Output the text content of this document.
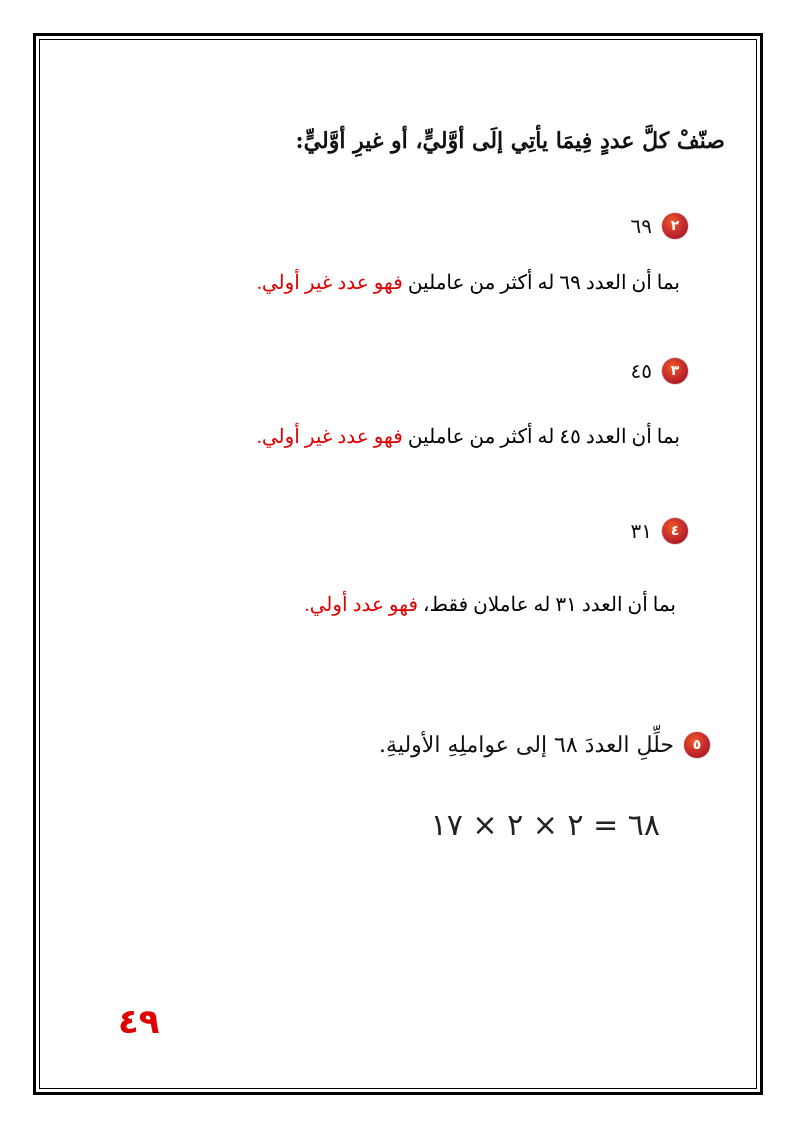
صنّفْ كلَّ عددٍ فِيمَا يأتِي إلَى أوَّليٍّ، أو غيرِ أوَّليٍّ:
٢
٦٩
بما أن العدد ٦٩ له أكثر من عاملين فهو عدد غير أولي.
٣
٤٥
بما أن العدد ٤٥ له أكثر من عاملين فهو عدد غير أولي.
٤
٣١
بما أن العدد ٣١ له عاملان فقط، فهو عدد أولي.
٥
حلِّلِ العددَ ٦٨ إلى عواملِهِ الأوليةِ.
٦٨ = ٢ × ٢ × ١٧
٤٩
